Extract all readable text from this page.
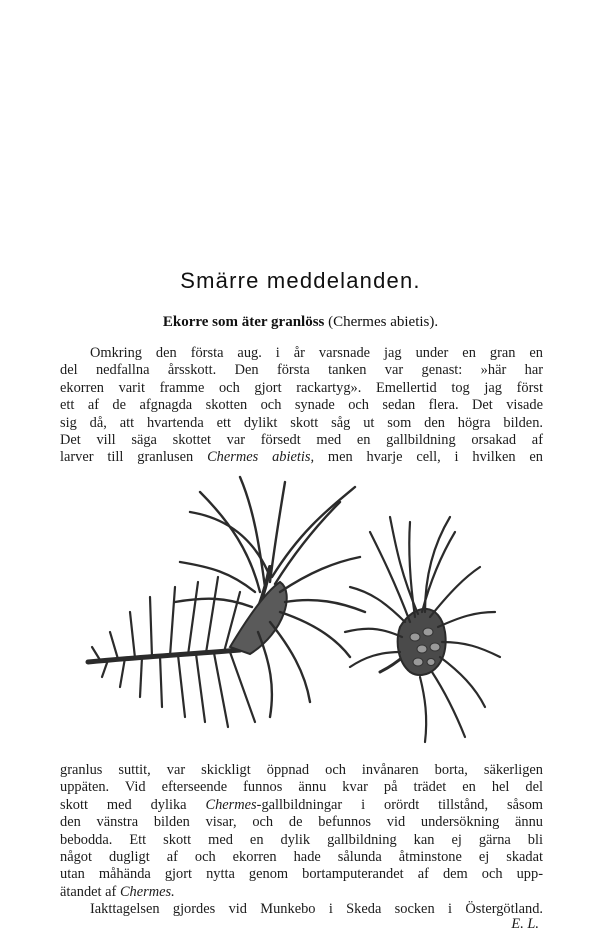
Smärre meddelanden.
Ekorre som äter granlöss (Chermes abietis).
Omkring den första aug. i år varsnade jag under en gran en
del nedfallna årsskott. Den första tanken var genast: »här har
ekorren varit framme och gjort rackartyg». Emellertid tog jag först
ett af de afgnagda skotten och synade och sedan flera. Det visade
sig då, att hvartenda ett dylikt skott såg ut som den högra bilden.
Det vill säga skottet var försedt med en gallbildning orsakad af
larver till granlusen Chermes abietis, men hvarje cell, i hvilken en
granlus suttit, var skickligt öppnad och invånaren borta, säkerligen
uppäten. Vid efterseende funnos ännu kvar på trädet en hel del
skott med dylika Chermes-gallbildningar i orördt tillstånd, såsom
den vänstra bilden visar, och de befunnos vid undersökning ännu
bebodda. Ett skott med en dylik gallbildning kan ej gärna bli
något dugligt af och ekorren hade sålunda åtminstone ej skadat
utan måhända gjort nytta genom bortamputerandet af dem och upp-
ätandet af Chermes.
Iakttagelsen gjordes vid Munkebo i Skeda socken i Östergötland.
E. L.
